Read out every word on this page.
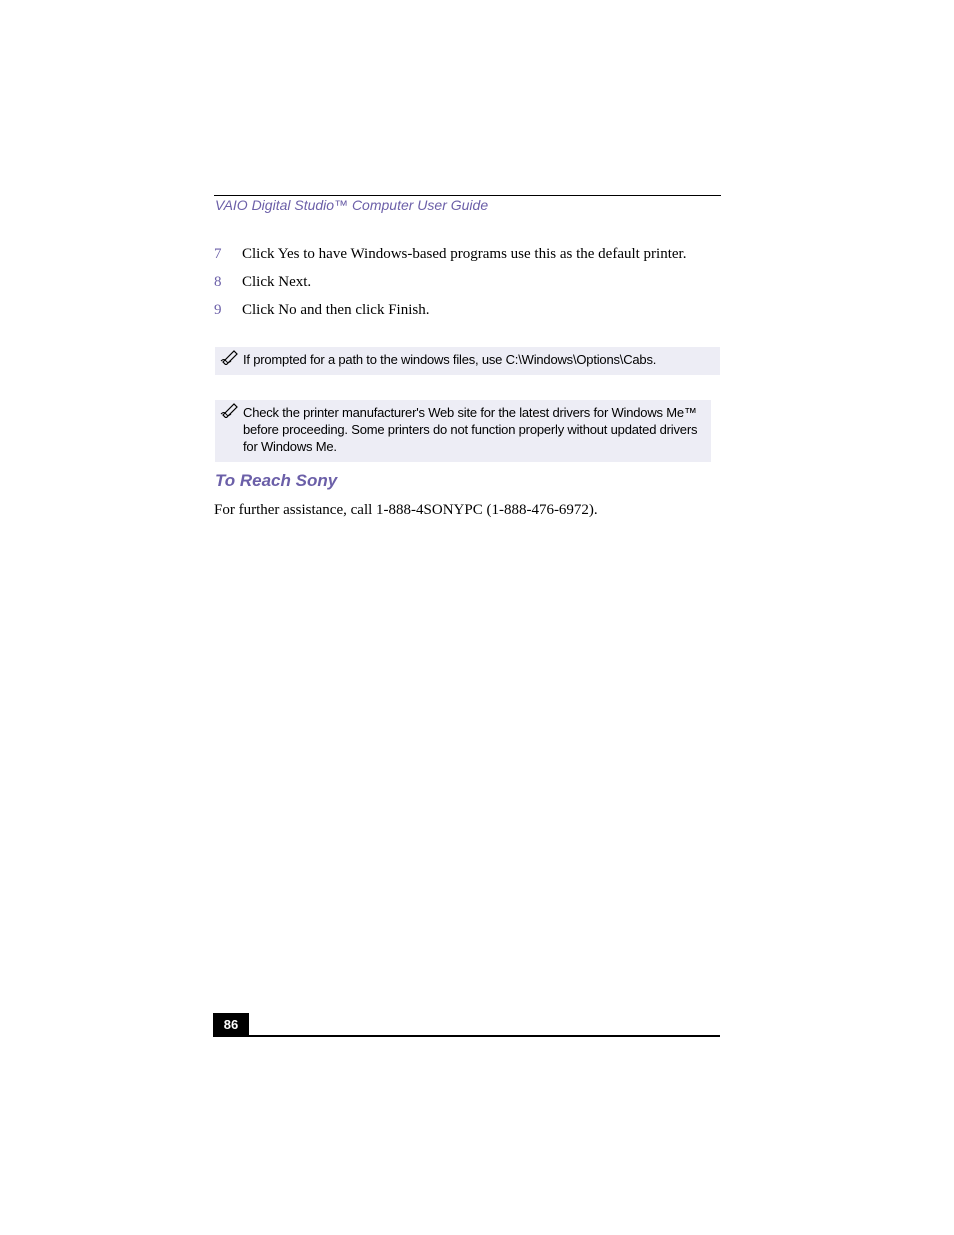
VAIO Digital Studio™ Computer User Guide
7 Click Yes to have Windows-based programs use this as the default printer.
8 Click Next.
9 Click No and then click Finish.
If prompted for a path to the windows files, use C:\Windows\Options\Cabs.
Check the printer manufacturer's Web site for the latest drivers for Windows Me™
before proceeding. Some printers do not function properly without updated drivers
for Windows Me.
To Reach Sony
For further assistance, call 1-888-4SONYPC (1-888-476-6972).
86
